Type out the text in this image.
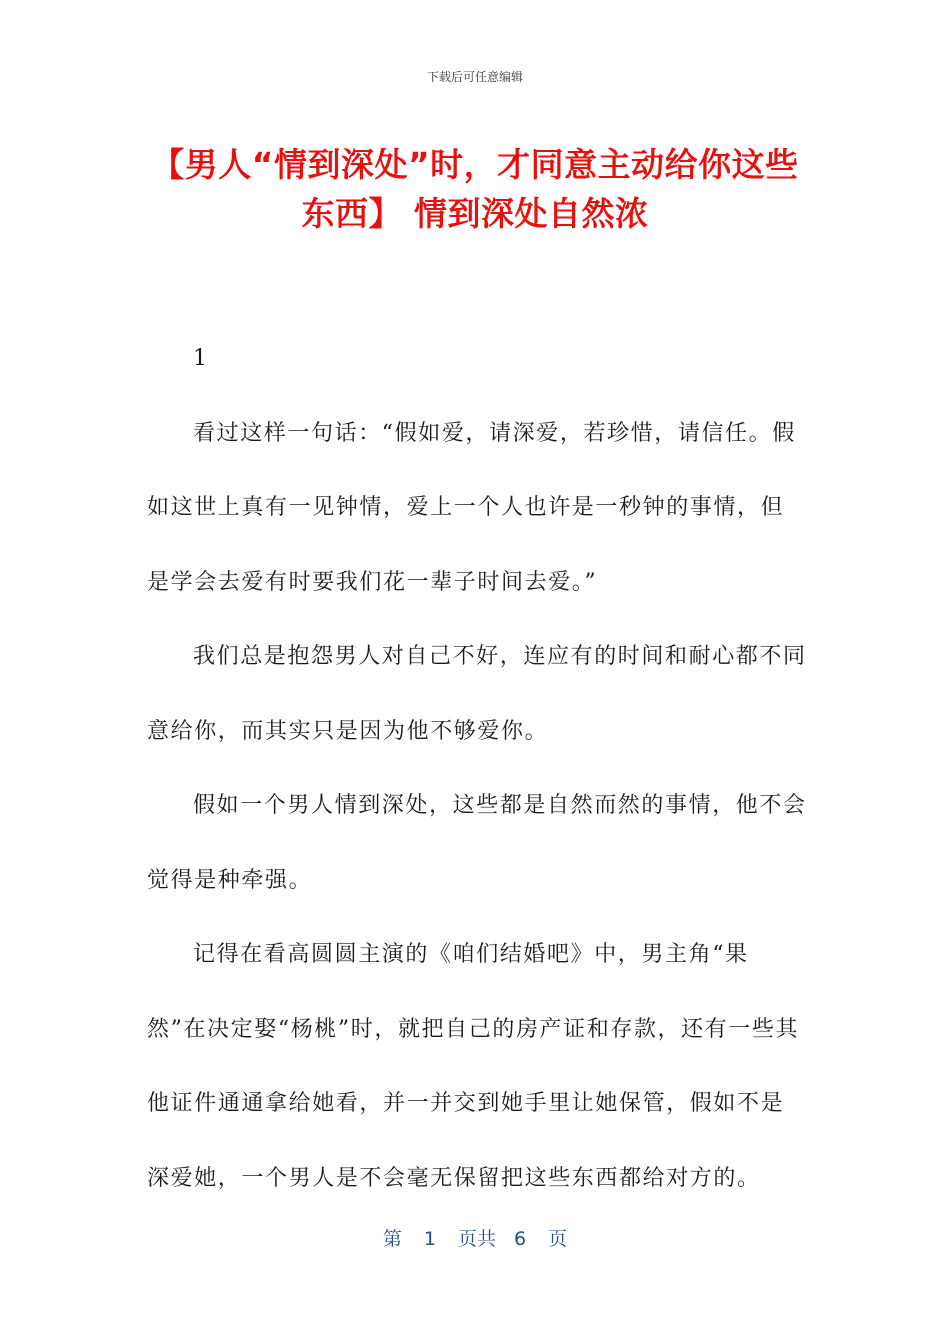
下载后可任意编辑
【男人“情到深处”时，才同意主动给你这些东西】 情到深处自然浓

1

看过这样一句话：“假如爱，请深爱，若珍惜，请信任。假如这世上真有一见钟情，爱上一个人也许是一秒钟的事情，但是学会去爱有时要我们花一辈子时间去爱。”

我们总是抱怨男人对自己不好，连应有的时间和耐心都不同意给你，而其实只是因为他不够爱你。

假如一个男人情到深处，这些都是自然而然的事情，他不会觉得是种牵强。

记得在看高圆圆主演的《咱们结婚吧》中，男主角“果然”在决定娶“杨桃”时，就把自己的房产证和存款，还有一些其他证件通通拿给她看，并一并交到她手里让她保管，假如不是深爱她，一个男人是不会毫无保留把这些东西都给对方的。

第 1 页共 6 页
